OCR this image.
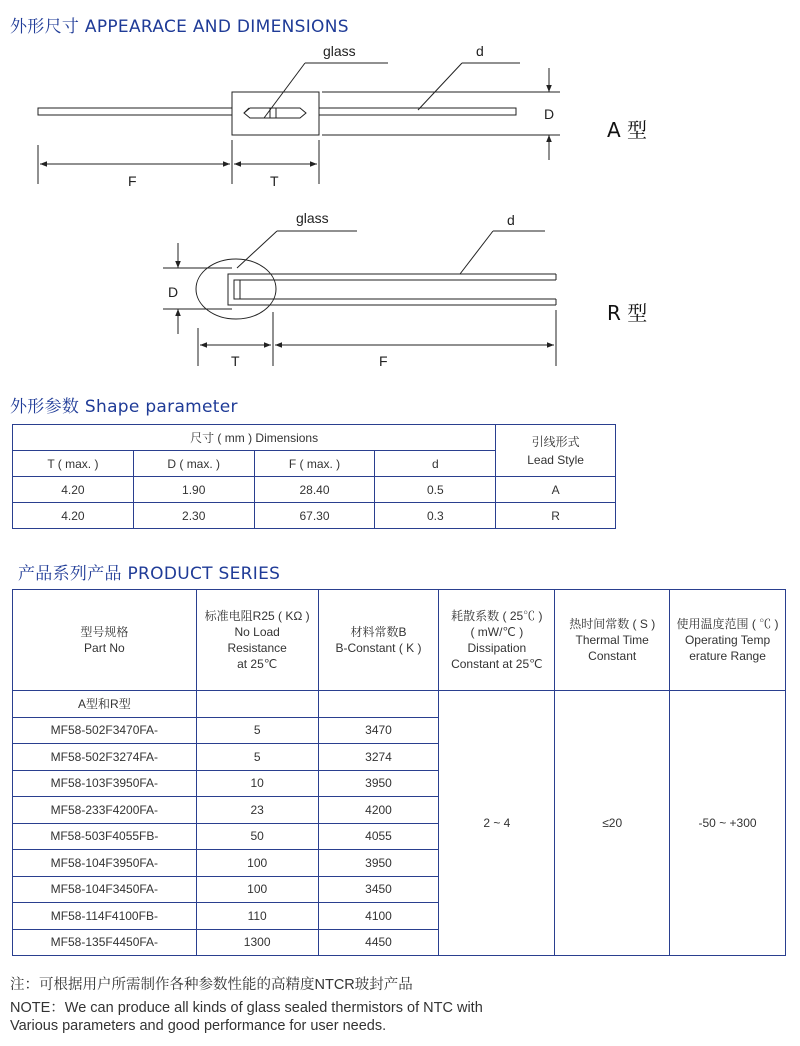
外形尺寸 APPEARACE AND DIMENSIONS
glass	d
D
F	T
glass	d
D
T	F
A 型
R 型
外形参数 Shape parameter
尺寸 ( mm ) Dimensions				引线形式
Lead Style
T ( max. )	D ( max. )	F ( max. )	d	
4.20	1.90	28.40	0.5	A
4.20	2.30	67.30	0.3	R
产品系列产品 PRODUCT SERIES
型号规格
Part No	标准电阻R25 ( KΩ )
No Load
Resistance
at 25℃	材料常数B
B-Constant ( K )	耗散系数 ( 25℃ )
( mW/℃ )
Dissipation
Constant at 25℃	热时间常数 ( S )
Thermal Time
Constant	使用温度范围 ( ℃ )
Operating Temp
erature Range
A型和R型			2 ~ 4	≤20	-50 ~ +300
MF58-502F3470FA-	5	3470			
MF58-502F3274FA-	5	3274			
MF58-103F3950FA-	10	3950			
MF58-233F4200FA-	23	4200			
MF58-503F4055FB-	50	4055			
MF58-104F3950FA-	100	3950			
MF58-104F3450FA-	100	3450			
MF58-114F4100FB-	110	4100			
MF58-135F4450FA-	1300	4450			
注：可根据用户所需制作各种参数性能的高精度NTCR玻封产品
NOTE：We can produce all kinds of glass sealed thermistors of NTC with
Various parameters and good performance for user needs.
